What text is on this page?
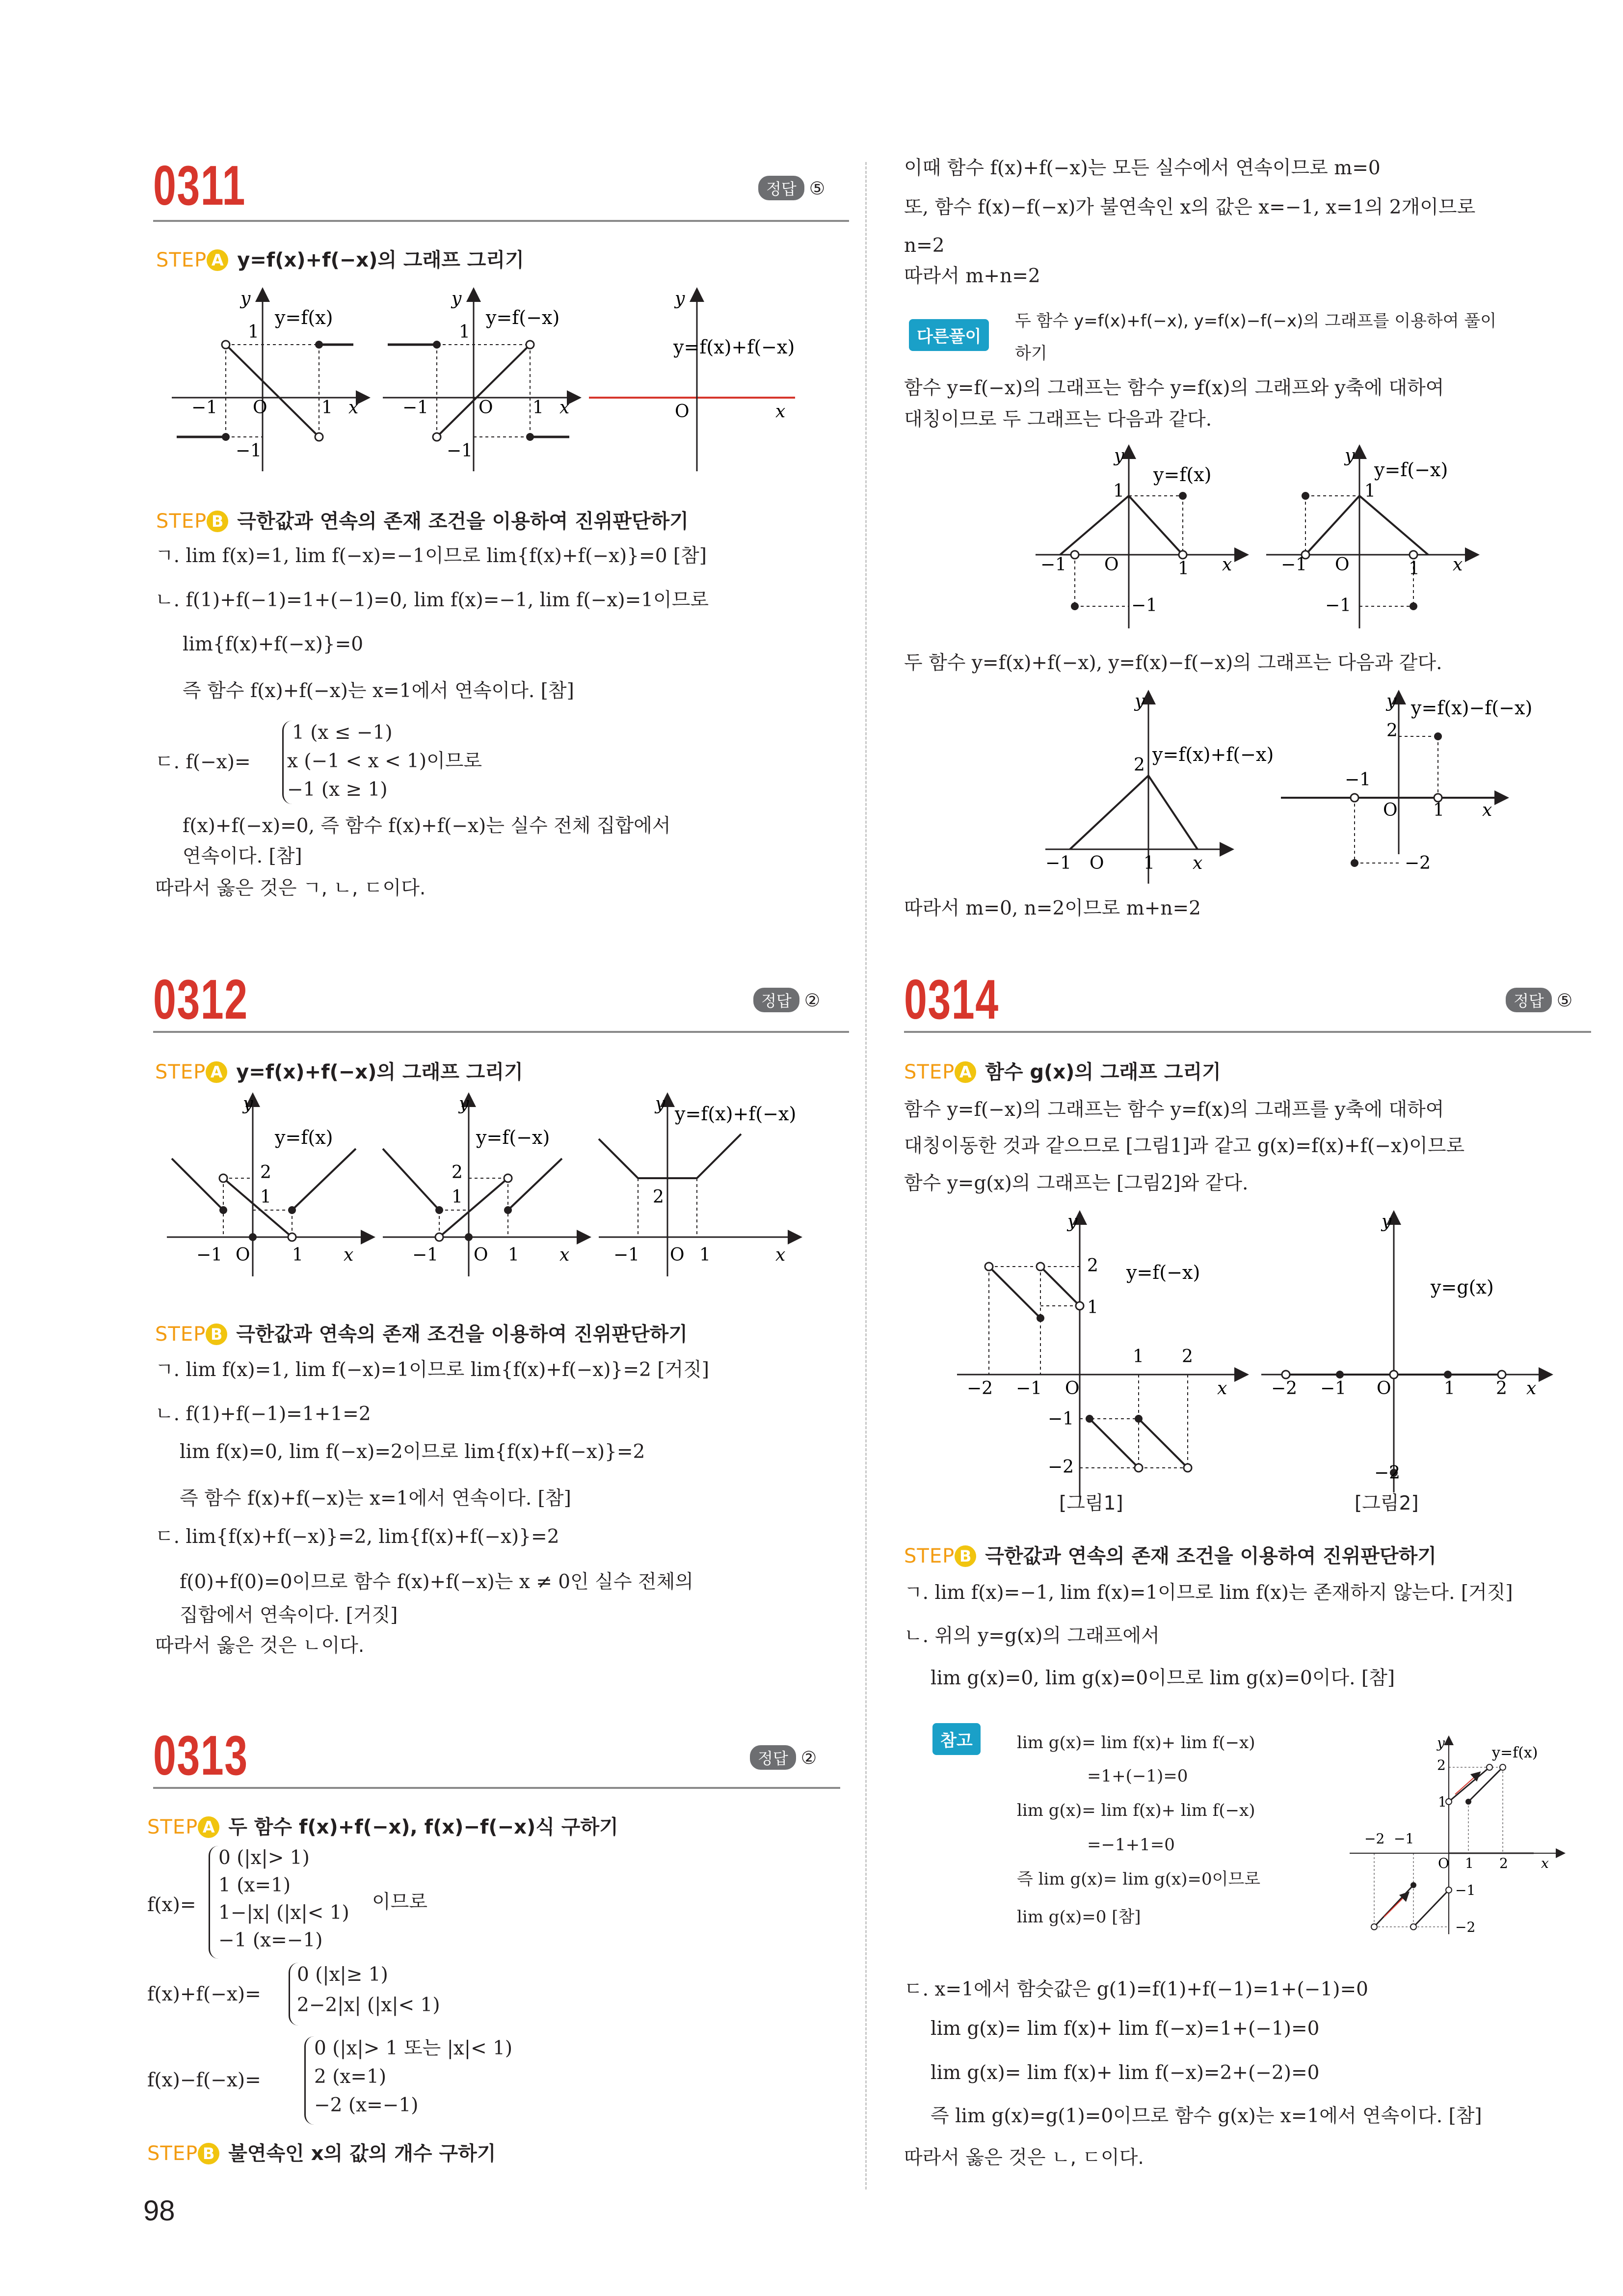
0311	정답 ⑤
STEP A y=f(x)+f(−x)의 그래프 그리기
y
y=f(x)
1
−1 O	1 x
−1
y
y=f(−x)
1
−1	O 1 x
−1
y
y=f(x)+f(−x)
O	x
STEP B 극한값과 연속의 존재 조건을 이용하여 진위판단하기
ㄱ. lim f(x)=1, lim f(−x)=−1이므로 lim{f(x)+f(−x)}=0 [참]
ㄴ. f(1)+f(−1)=1+(−1)=0, lim f(x)=−1, lim f(−x)=1이므로
lim{f(x)+f(−x)}=0
즉 함수 f(x)+f(−x)는 x=1에서 연속이다. [참]
ㄷ. f(−x)=
1 (x ≤ −1)
x (−1 < x < 1)이므로
−1 (x ≥ 1)
f(x)+f(−x)=0, 즉 함수 f(x)+f(−x)는 실수 전체 집합에서
연속이다. [참]
따라서 옳은 것은 ㄱ, ㄴ, ㄷ이다.
0312	정답 ②
STEP A y=f(x)+f(−x)의 그래프 그리기
y
y=f(x)
2
1
−1 O 1 x
y
y=f(−x)
2
1
−1 O 1 x
y y=f(x)+f(−x)
2
−1 O 1	x
STEP B 극한값과 연속의 존재 조건을 이용하여 진위판단하기
ㄱ. lim f(x)=1, lim f(−x)=1이므로 lim{f(x)+f(−x)}=2 [거짓]
ㄴ. f(1)+f(−1)=1+1=2
lim f(x)=0, lim f(−x)=2이므로 lim{f(x)+f(−x)}=2
즉 함수 f(x)+f(−x)는 x=1에서 연속이다. [참]
ㄷ. lim{f(x)+f(−x)}=2, lim{f(x)+f(−x)}=2
f(0)+f(0)=0이므로 함수 f(x)+f(−x)는 x ≠ 0인 실수 전체의
집합에서 연속이다. [거짓]
따라서 옳은 것은 ㄴ이다.
0313	정답 ②
STEP A 두 함수 f(x)+f(−x), f(x)−f(−x)식 구하기
f(x)=
0 (|x|> 1)
1 (x=1)
1−|x| (|x|< 1)
−1 (x=−1)
이므로
f(x)+f(−x)=
0 (|x|≥ 1)
2−2|x| (|x|< 1)
f(x)−f(−x)=
0 (|x|> 1 또는 |x|< 1)
2 (x=1)
−2 (x=−1)
STEP B 불연속인 x의 값의 개수 구하기
98
이때 함수 f(x)+f(−x)는 모든 실수에서 연속이므로 m=0
또, 함수 f(x)−f(−x)가 불연속인 x의 값은 x=−1, x=1의 2개이므로
n=2
따라서 m+n=2
다른풀이
두 함수 y=f(x)+f(−x), y=f(x)−f(−x)의 그래프를 이용하여 풀이
하기
함수 y=f(−x)의 그래프는 함수 y=f(x)의 그래프와 y축에 대하여
대칭이므로 두 그래프는 다음과 같다.
y
y=f(x)
1
−1 O	1 x
−1
y
y=f(−x)
1
−1 O	1 x
−1
두 함수 y=f(x)+f(−x), y=f(x)−f(−x)의 그래프는 다음과 같다.
y
y=f(x)+f(−x)
2
−1 O 1 x
y y=f(x)−f(−x)
2
−1
O 1 x
−2
따라서 m=0, n=2이므로 m+n=2
0314	정답 ⑤
STEP A 함수 g(x)의 그래프 그리기
함수 y=f(−x)의 그래프는 함수 y=f(x)의 그래프를 y축에 대하여
대칭이동한 것과 같으므로 [그림1]과 같고 g(x)=f(x)+f(−x)이므로
함수 y=g(x)의 그래프는 [그림2]와 같다.
y
y=f(−x)
2
1
1 2
−2 −1 O	x
−1
−2
y
y=g(x)
−2 −1 O	1 2 x
−2
[그림1]	[그림2]
STEP B 극한값과 연속의 존재 조건을 이용하여 진위판단하기
ㄱ. lim f(x)=−1, lim f(x)=1이므로 lim f(x)는 존재하지 않는다. [거짓]
ㄴ. 위의 y=g(x)의 그래프에서
lim g(x)=0, lim g(x)=0이므로 lim g(x)=0이다. [참]
참고	lim g(x)= lim f(x)+ lim f(−x)
=1+(−1)=0
lim g(x)= lim f(x)+ lim f(−x)
=−1+1=0
즉 lim g(x)= lim g(x)=0이므로
lim g(x)=0 [참]
y
y=f(x)
2
1
−2 −1
O 1 2 x
−1
−2
ㄷ. x=1에서 함숫값은 g(1)=f(1)+f(−1)=1+(−1)=0
lim g(x)= lim f(x)+ lim f(−x)=1+(−1)=0
lim g(x)= lim f(x)+ lim f(−x)=2+(−2)=0
즉 lim g(x)=g(1)=0이므로 함수 g(x)는 x=1에서 연속이다. [참]
따라서 옳은 것은 ㄴ, ㄷ이다.
